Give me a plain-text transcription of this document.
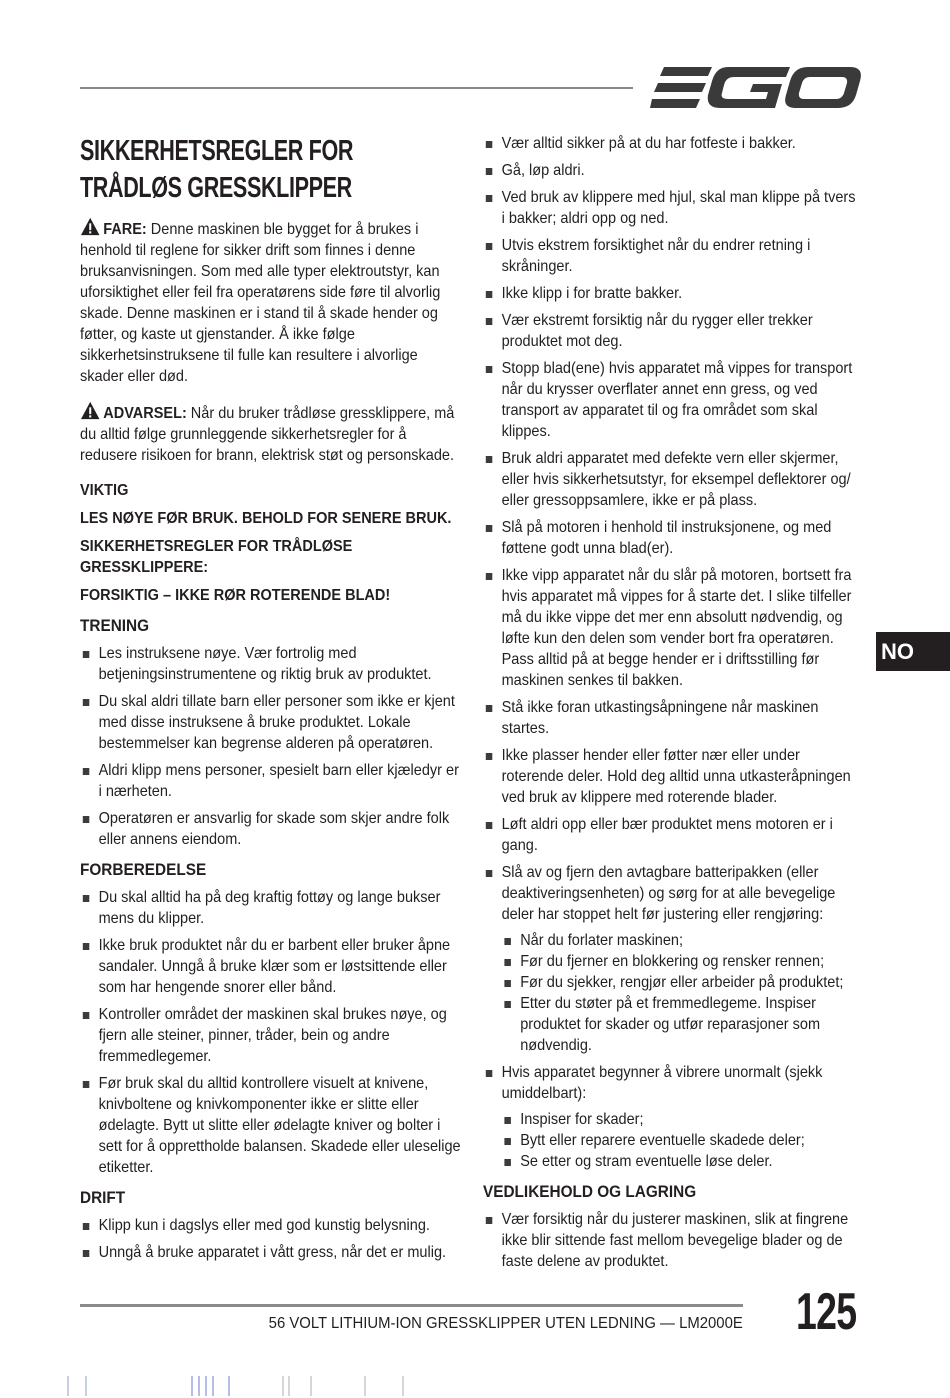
SIKKERHETSREGLER FOR TRÅDLØS GRESSKLIPPER

FARE: Denne maskinen ble bygget for å brukes i henhold til reglene for sikker drift som finnes i denne bruksanvisningen. Som med alle typer elektroutstyr, kan uforsiktighet eller feil fra operatørens side føre til alvorlig skade. Denne maskinen er i stand til å skade hender og føtter, og kaste ut gjenstander. Å ikke følge sikkerhetsinstruksene til fulle kan resultere i alvorlige skader eller død.

ADVARSEL: Når du bruker trådløse gressklippere, må du alltid følge grunnleggende sikkerhetsregler for å redusere risikoen for brann, elektrisk støt og personskade.

VIKTIG

LES NØYE FØR BRUK. BEHOLD FOR SENERE BRUK.

SIKKERHETSREGLER FOR TRÅDLØSE GRESSKLIPPERE:

FORSIKTIG – IKKE RØR ROTERENDE BLAD!

TRENING
Les instruksene nøye. Vær fortrolig med betjeningsinstrumentene og riktig bruk av produktet.
Du skal aldri tillate barn eller personer som ikke er kjent med disse instruksene å bruke produktet. Lokale bestemmelser kan begrense alderen på operatøren.
Aldri klipp mens personer, spesielt barn eller kjæledyr er i nærheten.
Operatøren er ansvarlig for skade som skjer andre folk eller annens eiendom.
FORBEREDELSE
Du skal alltid ha på deg kraftig fottøy og lange bukser mens du klipper.
Ikke bruk produktet når du er barbent eller bruker åpne sandaler. Unngå å bruke klær som er løstsittende eller som har hengende snorer eller bånd.
Kontroller området der maskinen skal brukes nøye, og fjern alle steiner, pinner, tråder, bein og andre fremmedlegemer.
Før bruk skal du alltid kontrollere visuelt at knivene, knivboltene og knivkomponenter ikke er slitte eller ødelagte. Bytt ut slitte eller ødelagte kniver og bolter i sett for å opprettholde balansen. Skadede eller uleselige etiketter.
DRIFT
Klipp kun i dagslys eller med god kunstig belysning.
Unngå å bruke apparatet i vått gress, når det er mulig.
Vær alltid sikker på at du har fotfeste i bakker.
Gå, løp aldri.
Ved bruk av klippere med hjul, skal man klippe på tvers i bakker; aldri opp og ned.
Utvis ekstrem forsiktighet når du endrer retning i skråninger.
Ikke klipp i for bratte bakker.
Vær ekstremt forsiktig når du rygger eller trekker produktet mot deg.
Stopp blad(ene) hvis apparatet må vippes for transport når du krysser overflater annet enn gress, og ved transport av apparatet til og fra området som skal klippes.
Bruk aldri apparatet med defekte vern eller skjermer, eller hvis sikkerhetsutstyr, for eksempel deflektorer og/ eller gressoppsamlere, ikke er på plass.
Slå på motoren i henhold til instruksjonene, og med føttene godt unna blad(er).
Ikke vipp apparatet når du slår på motoren, bortsett fra hvis apparatet må vippes for å starte det. I slike tilfeller må du ikke vippe det mer enn absolutt nødvendig, og løfte kun den delen som vender bort fra operatøren. Pass alltid på at begge hender er i driftsstilling før maskinen senkes til bakken.
Stå ikke foran utkastingsåpningene når maskinen startes.
Ikke plasser hender eller føtter nær eller under roterende deler. Hold deg alltid unna utkasteråpningen ved bruk av klippere med roterende blader.
Løft aldri opp eller bær produktet mens motoren er i gang.
Slå av og fjern den avtagbare batteripakken (eller deaktiveringsenheten) og sørg for at alle bevegelige deler har stoppet helt før justering eller rengjøring:
Når du forlater maskinen;
Før du fjerner en blokkering og rensker rennen;
Før du sjekker, rengjør eller arbeider på produktet;
Etter du støter på et fremmedlegeme. Inspiser produktet for skader og utfør reparasjoner som nødvendig.
Hvis apparatet begynner å vibrere unormalt (sjekk umiddelbart):
Inspiser for skader;
Bytt eller reparere eventuelle skadede deler;
Se etter og stram eventuelle løse deler.
VEDLIKEHOLD OG LAGRING
Vær forsiktig når du justerer maskinen, slik at fingrene ikke blir sittende fast mellom bevegelige blader og de faste delene av produktet.
NO
56 VOLT LITHIUM-ION GRESSKLIPPER UTEN LEDNING — LM2000E 125
